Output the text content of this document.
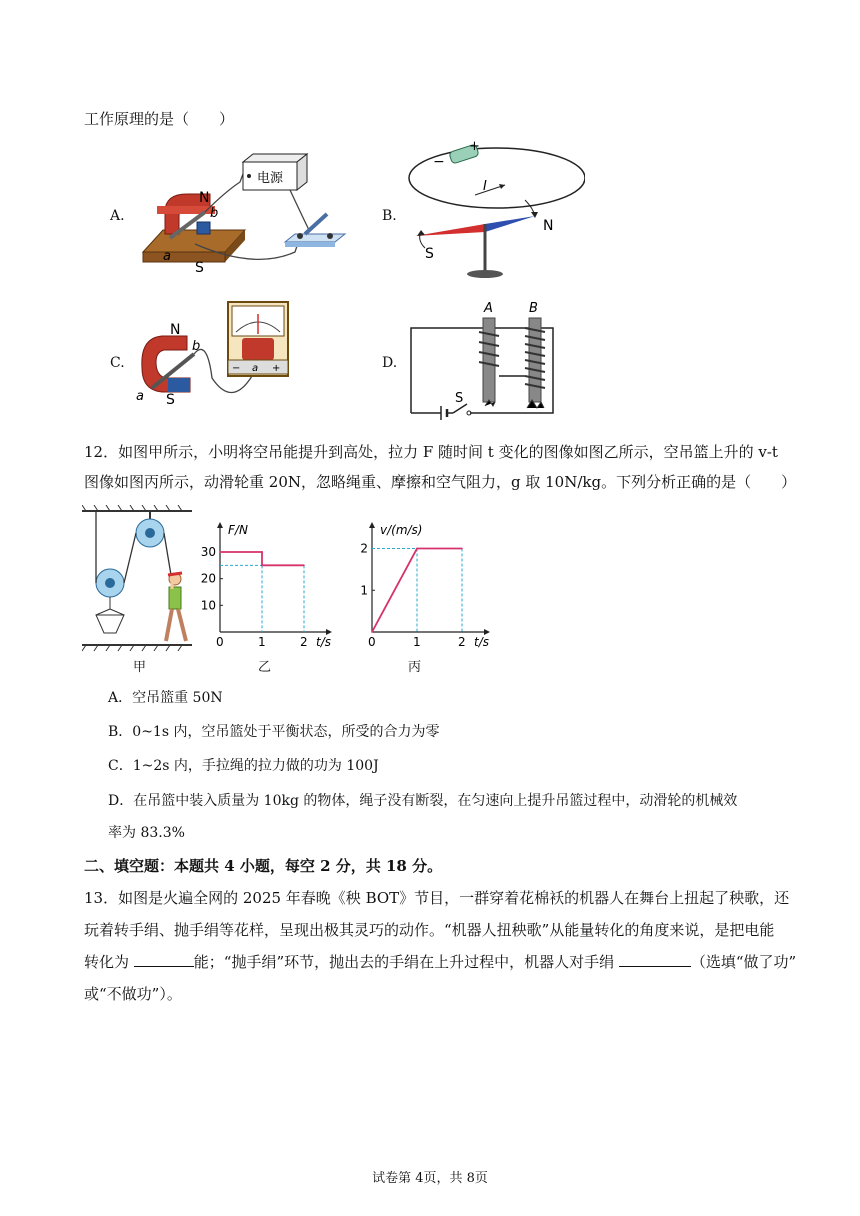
工作原理的是（　　）
A.	B.
C.	D.
电源
N
b
a
S
−
+
I
S
N
N
b
a S
− a +
S
A	B
12．如图甲所示，小明将空吊能提升到高处，拉力 F 随时间 t 变化的图像如图乙所示，空吊篮上升的 v-t
图像如图丙所示，动滑轮重 20N，忽略绳重、摩擦和空气阻力，g 取 10N/kg。下列分析正确的是（　　）
甲
F/N
t/s
0	1	2
10
20
30
乙
v/(m/s)
t/s
0	1	2
1
2
丙
A．空吊篮重 50N
B．0~1s 内，空吊篮处于平衡状态，所受的合力为零
C．1~2s 内，手拉绳的拉力做的功为 100J
D．在吊篮中装入质量为 10kg 的物体，绳子没有断裂，在匀速向上提升吊篮过程中，动滑轮的机械效
率为 83.3%
二、填空题：本题共 4 小题，每空 2 分，共 18 分。
13．如图是火遍全网的 2025 年春晚《秧 BOT》节目，一群穿着花棉袄的机器人在舞台上扭起了秧歌，还
玩着转手绢、抛手绢等花样，呈现出极其灵巧的动作。“机器人扭秧歌”从能量转化的角度来说，是把电能
转化为	能；“抛手绢”环节，抛出去的手绢在上升过程中，机器人对手绢	（选填“做了功”
或“不做功”）。
试卷第 4页，共 8页
